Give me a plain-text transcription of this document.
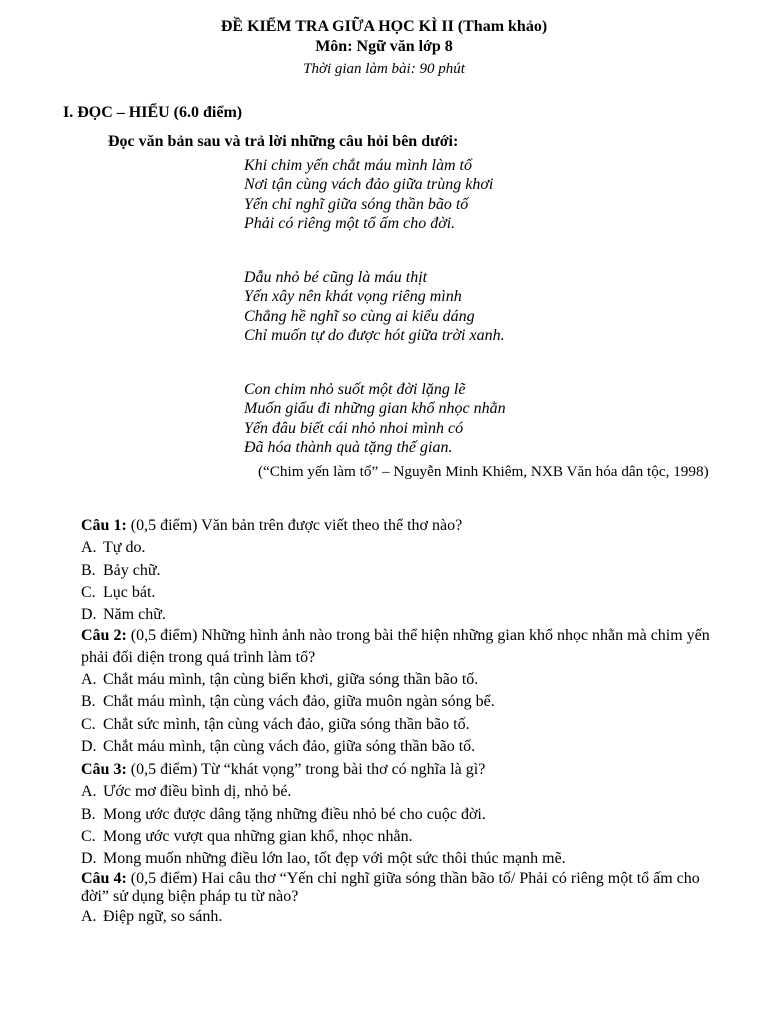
ĐỀ KIỂM TRA GIỮA HỌC KÌ II (Tham khảo)
Môn: Ngữ văn lớp 8
Thời gian làm bài: 90 phút
I. ĐỌC – HIỂU (6.0 điểm)
Đọc văn bản sau và trả lời những câu hỏi bên dưới:
Khi chim yến chắt máu mình làm tổ
Nơi tận cùng vách đảo giữa trùng khơi
Yến chỉ nghĩ giữa sóng thần bão tố
Phải có riêng một tổ ấm cho đời.
Dẫu nhỏ bé cũng là máu thịt
Yến xây nên khát vọng riêng mình
Chẳng hề nghĩ so cùng ai kiểu dáng
Chỉ muốn tự do được hót giữa trời xanh.
Con chim nhỏ suốt một đời lặng lẽ
Muốn giấu đi những gian khổ nhọc nhằn
Yến đâu biết cái nhỏ nhoi mình có
Đã hóa thành quà tặng thế gian.
(“Chim yến làm tổ” – Nguyễn Minh Khiêm, NXB Văn hóa dân tộc, 1998)
Câu 1: (0,5 điểm) Văn bản trên được viết theo thể thơ nào?
A. Tự do.
B. Bảy chữ.
C. Lục bát.
D. Năm chữ.
Câu 2: (0,5 điểm) Những hình ảnh nào trong bài thể hiện những gian khổ nhọc nhằn mà chim yến phải đối diện trong quá trình làm tổ?
A. Chắt máu mình, tận cùng biển khơi, giữa sóng thần bão tố.
B. Chắt máu mình, tận cùng vách đảo, giữa muôn ngàn sóng bể.
C. Chắt sức mình, tận cùng vách đảo, giữa sóng thần bão tố.
D. Chắt máu mình, tận cùng vách đảo, giữa sóng thần bão tố.
Câu 3: (0,5 điểm) Từ “khát vọng” trong bài thơ có nghĩa là gì?
A. Ước mơ điều bình dị, nhỏ bé.
B. Mong ước được dâng tặng những điều nhỏ bé cho cuộc đời.
C. Mong ước vượt qua những gian khổ, nhọc nhằn.
D. Mong muốn những điều lớn lao, tốt đẹp với một sức thôi thúc mạnh mẽ.
Câu 4: (0,5 điểm) Hai câu thơ “Yến chỉ nghĩ giữa sóng thần bão tố/ Phải có riêng một tổ ấm cho đời” sử dụng biện pháp tu từ nào?
A. Điệp ngữ, so sánh.
